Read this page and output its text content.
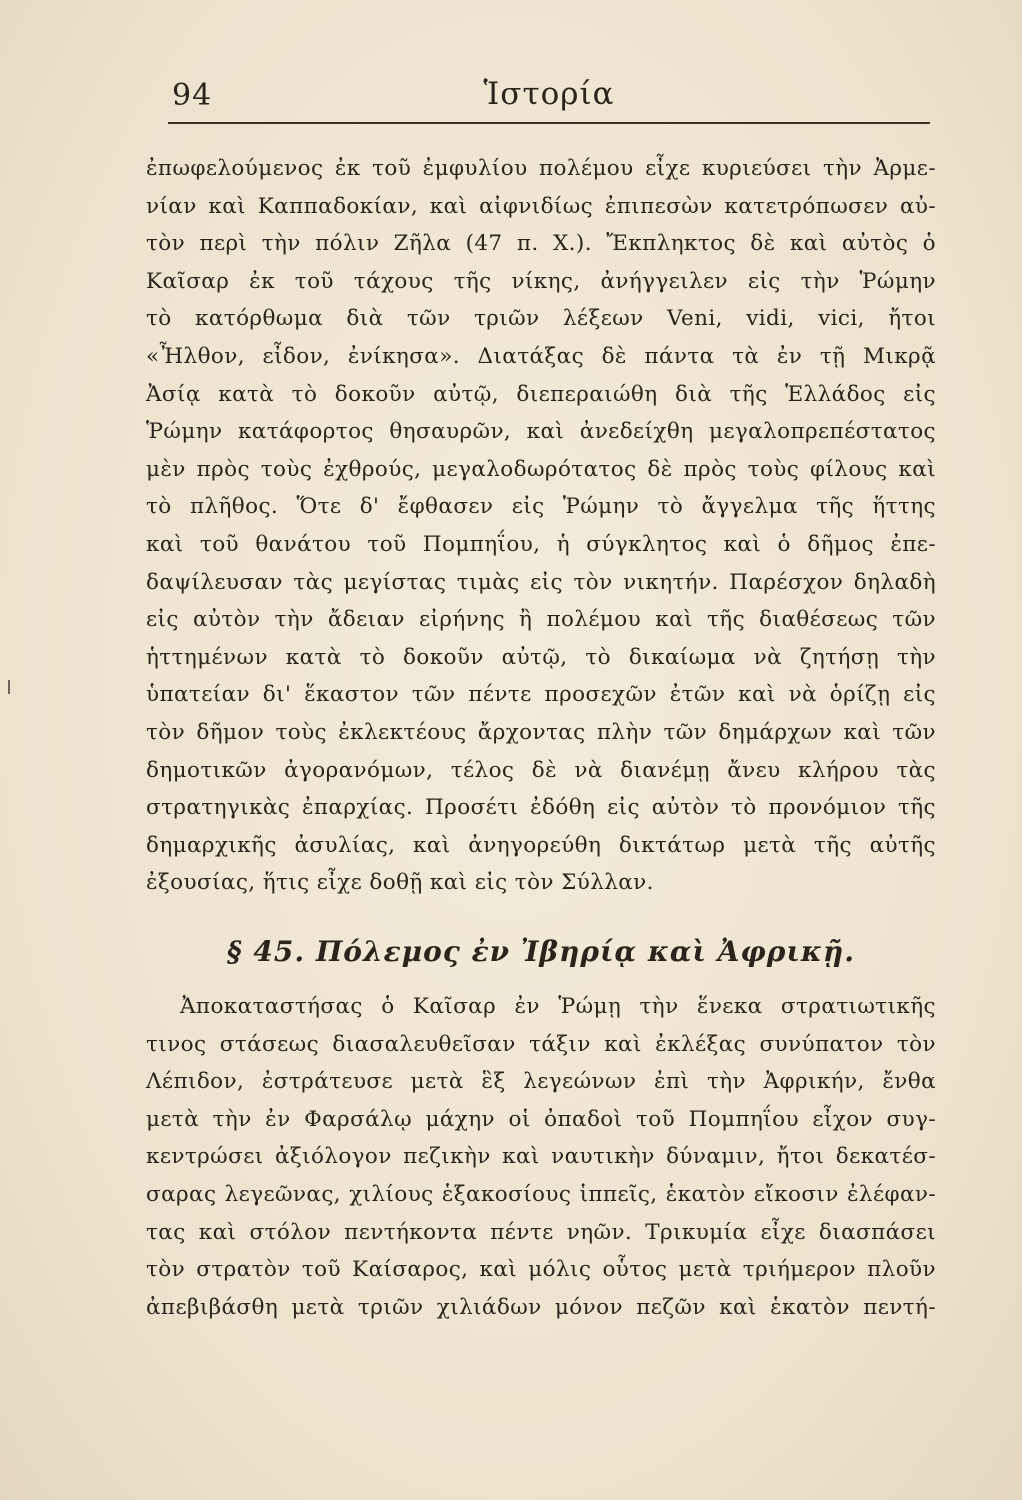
94	Ἱστορία

ἐπωφελούμενος ἐκ τοῦ ἐμφυλίου πολέμου εἶχε κυριεύσει τὴν Ἀρμε-

νίαν καὶ Καππαδοκίαν, καὶ αἰφνιδίως ἐπιπεσὼν κατετρόπωσεν αὐ-

τὸν περὶ τὴν πόλιν Ζῆλα (47 π. Χ.). Ἔκπληκτος δὲ καὶ αὐτὸς ὁ

Καῖσαρ ἐκ τοῦ τάχους τῆς νίκης, ἀνήγγειλεν εἰς τὴν Ῥώμην

τὸ κατόρθωμα διὰ τῶν τριῶν λέξεων Veni, vidi, vici, ἤτοι

«Ἦλθον, εἶδον, ἐνίκησα». Διατάξας δὲ πάντα τὰ ἐν τῇ Μικρᾷ

Ἀσίᾳ κατὰ τὸ δοκοῦν αὐτῷ, διεπεραιώθη διὰ τῆς Ἑλλάδος εἰς

Ῥώμην κατάφορτος θησαυρῶν, καὶ ἀνεδείχθη μεγαλοπρεπέστατος

μὲν πρὸς τοὺς ἐχθρούς, μεγαλοδωρότατος δὲ πρὸς τοὺς φίλους καὶ

τὸ πλῆθος. Ὅτε δ' ἔφθασεν εἰς Ῥώμην τὸ ἄγγελμα τῆς ἥττης

καὶ τοῦ θανάτου τοῦ Πομπηΐου, ἡ σύγκλητος καὶ ὁ δῆμος ἐπε-

δαψίλευσαν τὰς μεγίστας τιμὰς εἰς τὸν νικητήν. Παρέσχον δηλαδὴ

εἰς αὐτὸν τὴν ἄδειαν εἰρήνης ἢ πολέμου καὶ τῆς διαθέσεως τῶν

ἡττημένων κατὰ τὸ δοκοῦν αὐτῷ, τὸ δικαίωμα νὰ ζητήσῃ τὴν

ὑπατείαν δι' ἕκαστον τῶν πέντε προσεχῶν ἐτῶν καὶ νὰ ὁρίζῃ εἰς

τὸν δῆμον τοὺς ἐκλεκτέους ἄρχοντας πλὴν τῶν δημάρχων καὶ τῶν

δημοτικῶν ἀγορανόμων, τέλος δὲ νὰ διανέμῃ ἄνευ κλήρου τὰς

στρατηγικὰς ἐπαρχίας. Προσέτι ἐδόθη εἰς αὐτὸν τὸ προνόμιον τῆς

δημαρχικῆς ἀσυλίας, καὶ ἀνηγορεύθη δικτάτωρ μετὰ τῆς αὐτῆς

ἐξουσίας, ἥτις εἶχε δοθῇ καὶ εἰς τὸν Σύλλαν.

§ 45. Πόλεμος ἐν Ἰβηρίᾳ καὶ Ἀφρικῇ.

Ἀποκαταστήσας ὁ Καῖσαρ ἐν Ῥώμῃ τὴν ἕνεκα στρατιωτικῆς

τινος στάσεως διασαλευθεῖσαν τάξιν καὶ ἐκλέξας συνύπατον τὸν

Λέπιδον, ἐστράτευσε μετὰ ἓξ λεγεώνων ἐπὶ τὴν Ἀφρικήν, ἔνθα

μετὰ τὴν ἐν Φαρσάλῳ μάχην οἱ ὀπαδοὶ τοῦ Πομπηΐου εἶχον συγ-

κεντρώσει ἀξιόλογον πεζικὴν καὶ ναυτικὴν δύναμιν, ἤτοι δεκατέσ-

σαρας λεγεῶνας, χιλίους ἑξακοσίους ἱππεῖς, ἑκατὸν εἴκοσιν ἐλέφαν-

τας καὶ στόλον πεντήκοντα πέντε νηῶν. Τρικυμία εἶχε διασπάσει

τὸν στρατὸν τοῦ Καίσαρος, καὶ μόλις οὗτος μετὰ τριήμερον πλοῦν

ἀπεβιβάσθη μετὰ τριῶν χιλιάδων μόνον πεζῶν καὶ ἑκατὸν πεντή-
